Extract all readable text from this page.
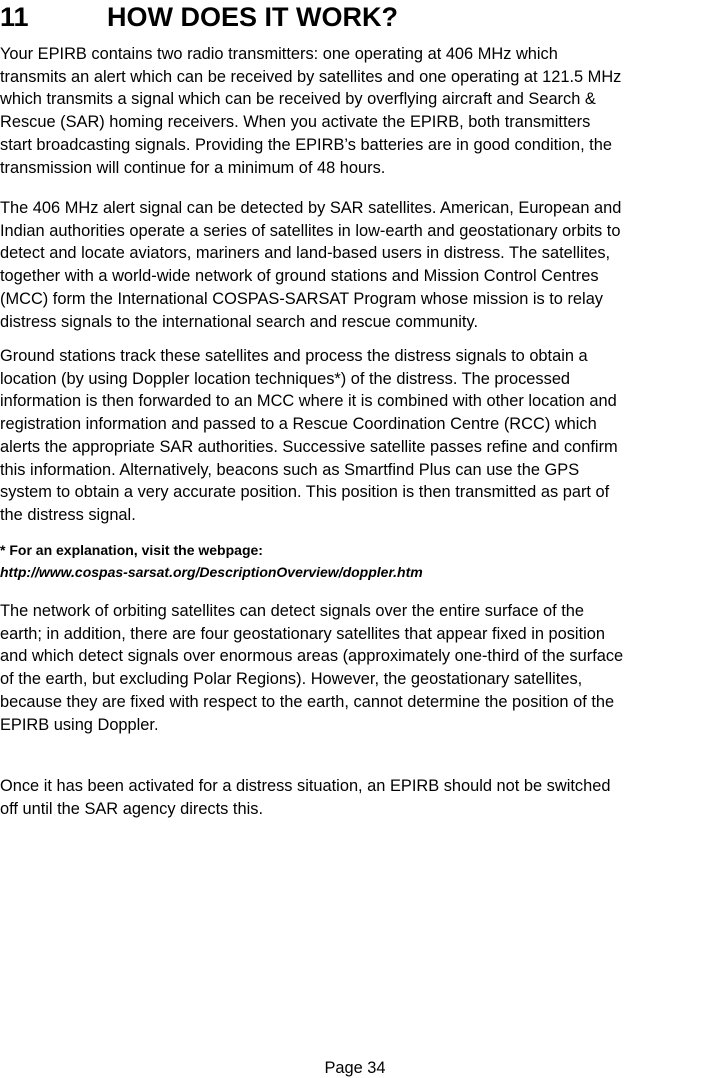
11	HOW DOES IT WORK?

Your EPIRB contains two radio transmitters: one operating at 406 MHz which
transmits an alert which can be received by satellites and one operating at 121.5 MHz
which transmits a signal which can be received by overflying aircraft and Search &
Rescue (SAR) homing receivers. When you activate the EPIRB, both transmitters
start broadcasting signals. Providing the EPIRB’s batteries are in good condition, the
transmission will continue for a minimum of 48 hours.

The 406 MHz alert signal can be detected by SAR satellites. American, European and
Indian authorities operate a series of satellites in low-earth and geostationary orbits to
detect and locate aviators, mariners and land-based users in distress. The satellites,
together with a world-wide network of ground stations and Mission Control Centres
(MCC) form the International COSPAS-SARSAT Program whose mission is to relay
distress signals to the international search and rescue community.

Ground stations track these satellites and process the distress signals to obtain a
location (by using Doppler location techniques*) of the distress. The processed
information is then forwarded to an MCC where it is combined with other location and
registration information and passed to a Rescue Coordination Centre (RCC) which
alerts the appropriate SAR authorities. Successive satellite passes refine and confirm
this information. Alternatively, beacons such as Smartfind Plus can use the GPS
system to obtain a very accurate position. This position is then transmitted as part of
the distress signal.

* For an explanation, visit the webpage:
http://www.cospas-sarsat.org/DescriptionOverview/doppler.htm

The network of orbiting satellites can detect signals over the entire surface of the
earth; in addition, there are four geostationary satellites that appear fixed in position
and which detect signals over enormous areas (approximately one-third of the surface
of the earth, but excluding Polar Regions). However, the geostationary satellites,
because they are fixed with respect to the earth, cannot determine the position of the
EPIRB using Doppler.

Once it has been activated for a distress situation, an EPIRB should not be switched
off until the SAR agency directs this.

Page 34
